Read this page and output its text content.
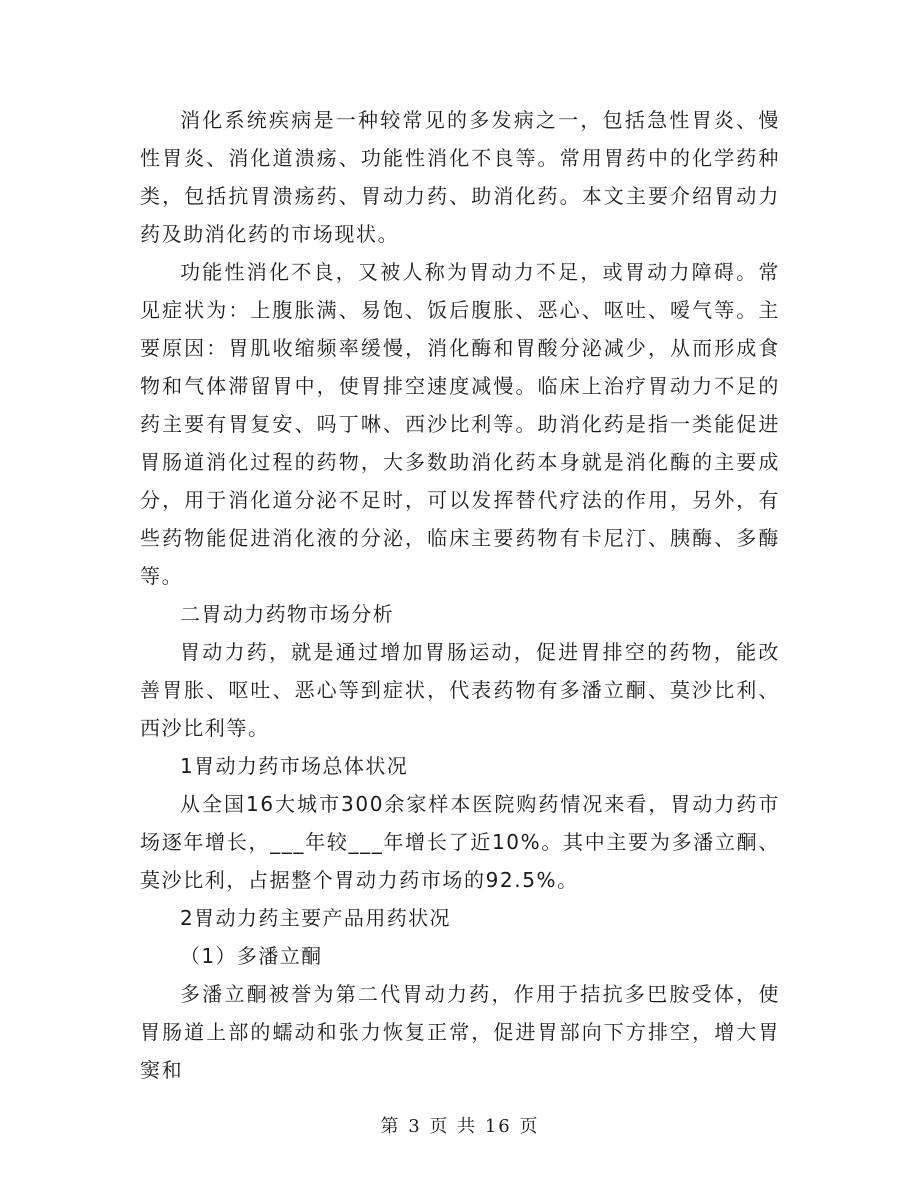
消化系统疾病是一种较常见的多发病之一，包括急性胃炎、慢性胃炎、消化道溃疡、功能性消化不良等。常用胃药中的化学药种类，包括抗胃溃疡药、胃动力药、助消化药。本文主要介绍胃动力药及助消化药的市场现状。

功能性消化不良，又被人称为胃动力不足，或胃动力障碍。常见症状为：上腹胀满、易饱、饭后腹胀、恶心、呕吐、嗳气等。主要原因：胃肌收缩频率缓慢，消化酶和胃酸分泌减少，从而形成食物和气体滞留胃中，使胃排空速度减慢。临床上治疗胃动力不足的药主要有胃复安、吗丁啉、西沙比利等。助消化药是指一类能促进胃肠道消化过程的药物，大多数助消化药本身就是消化酶的主要成分，用于消化道分泌不足时，可以发挥替代疗法的作用，另外，有些药物能促进消化液的分泌，临床主要药物有卡尼汀、胰酶、多酶等。

二胃动力药物市场分析

胃动力药，就是通过增加胃肠运动，促进胃排空的药物，能改善胃胀、呕吐、恶心等到症状，代表药物有多潘立酮、莫沙比利、西沙比利等。

1胃动力药市场总体状况

从全国16大城市300余家样本医院购药情况来看，胃动力药市场逐年增长，___年较___年增长了近10%。其中主要为多潘立酮、莫沙比利，占据整个胃动力药市场的92.5%。

2胃动力药主要产品用药状况

（1）多潘立酮

多潘立酮被誉为第二代胃动力药，作用于拮抗多巴胺受体，使胃肠道上部的蠕动和张力恢复正常，促进胃部向下方排空，增大胃窦和

第 3 页 共 16 页
